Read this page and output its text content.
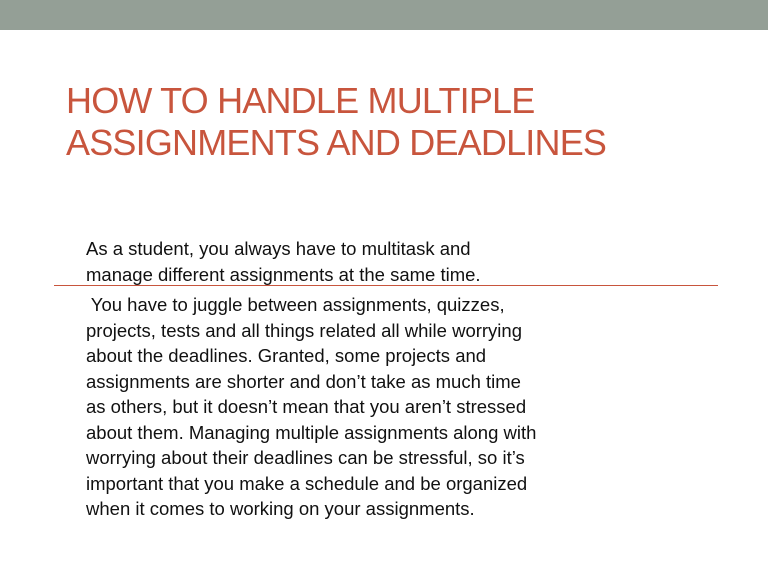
HOW TO HANDLE MULTIPLE
ASSIGNMENTS AND DEADLINES

As a student, you always have to multitask and
manage different assignments at the same time.

You have to juggle between assignments, quizzes,
projects, tests and all things related all while worrying
about the deadlines. Granted, some projects and
assignments are shorter and don’t take as much time
as others, but it doesn’t mean that you aren’t stressed
about them. Managing multiple assignments along with
worrying about their deadlines can be stressful, so it’s
important that you make a schedule and be organized
when it comes to working on your assignments.
